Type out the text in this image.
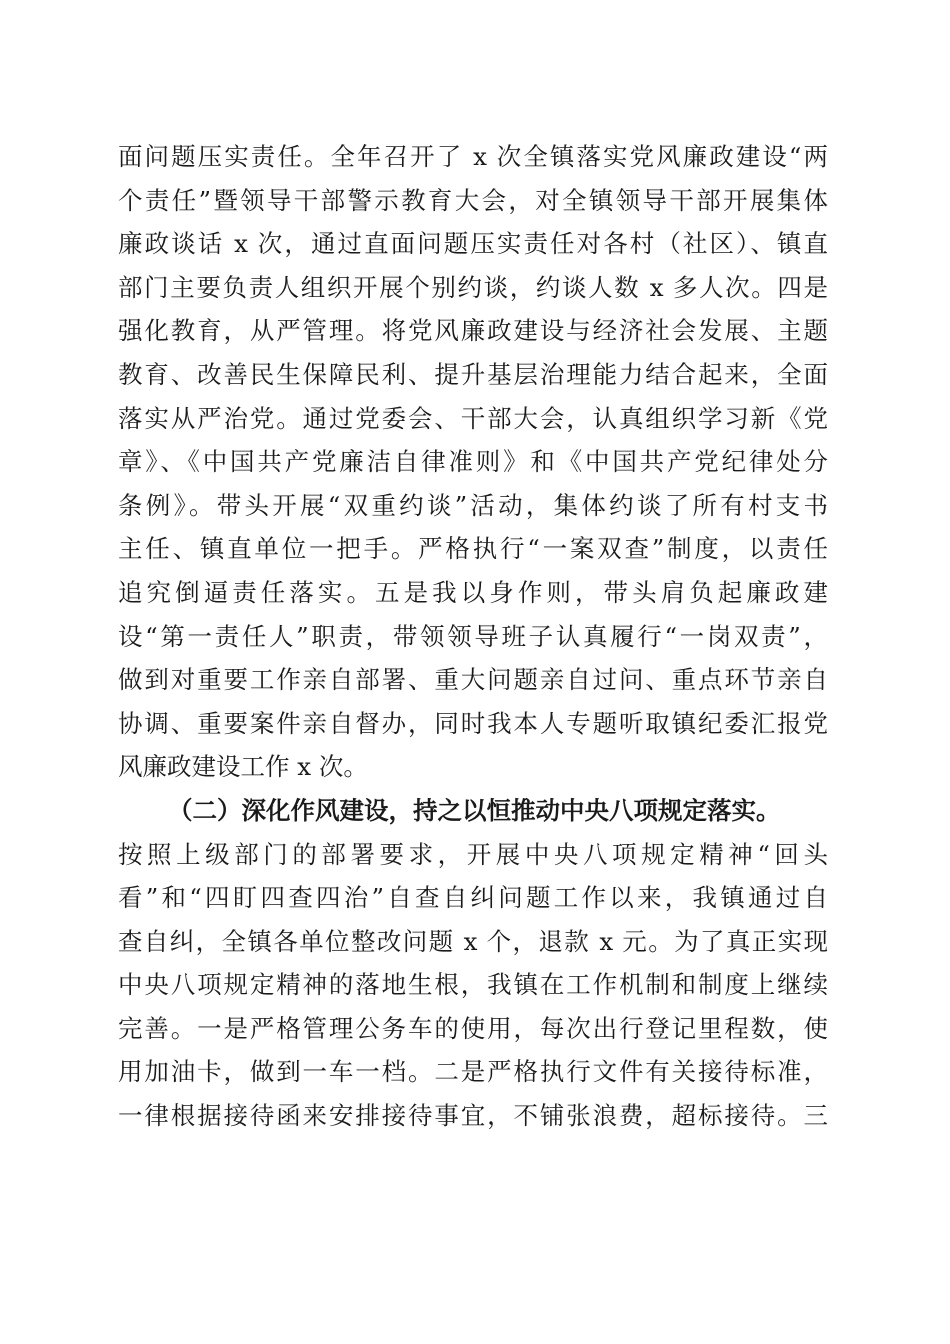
面问题压实责任。全年召开了 x 次全镇落实党风廉政建设“两
个责任”暨领导干部警示教育大会，对全镇领导干部开展集体
廉政谈话 x 次，通过直面问题压实责任对各村（社区）、镇直
部门主要负责人组织开展个别约谈，约谈人数 x 多人次。四是
强化教育，从严管理。将党风廉政建设与经济社会发展、主题
教育、改善民生保障民利、提升基层治理能力结合起来，全面
落实从严治党。通过党委会、干部大会，认真组织学习新《党
章》、《中国共产党廉洁自律准则》和《中国共产党纪律处分
条例》。带头开展“双重约谈”活动，集体约谈了所有村支书
主任、镇直单位一把手。严格执行“一案双查”制度，以责任
追究倒逼责任落实。五是我以身作则，带头肩负起廉政建
设“第一责任人”职责，带领领导班子认真履行“一岗双责”，
做到对重要工作亲自部署、重大问题亲自过问、重点环节亲自
协调、重要案件亲自督办，同时我本人专题听取镇纪委汇报党
风廉政建设工作 x 次。
（二）深化作风建设，持之以恒推动中央八项规定落实。
按照上级部门的部署要求，开展中央八项规定精神“回头
看”和“四盯四查四治”自查自纠问题工作以来，我镇通过自
查自纠，全镇各单位整改问题 x 个，退款 x 元。为了真正实现
中央八项规定精神的落地生根，我镇在工作机制和制度上继续
完善。一是严格管理公务车的使用，每次出行登记里程数，使
用加油卡，做到一车一档。二是严格执行文件有关接待标准，
一律根据接待函来安排接待事宜，不铺张浪费，超标接待。三
